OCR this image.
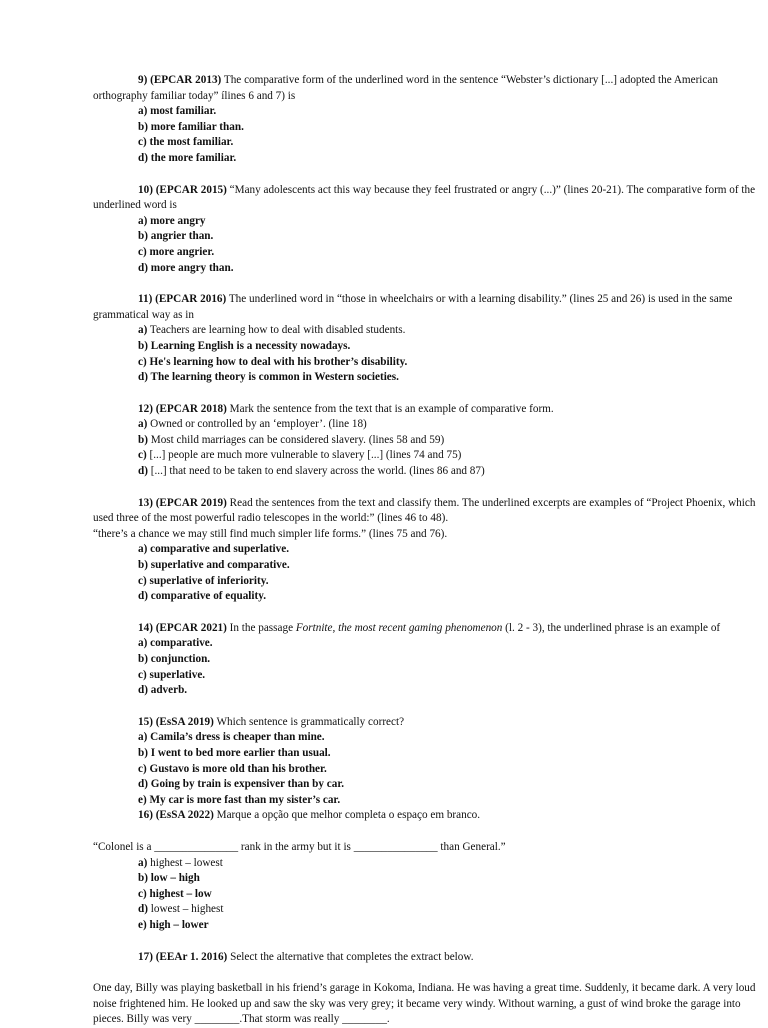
9) (EPCAR 2013) The comparative form of the underlined word in the sentence “Webster’s dictionary [...] adopted the American orthography familiar today” ílines 6 and 7) is

a) most familiar.
b) more familiar than.
c) the most familiar.
d) the more familiar.

10) (EPCAR 2015) “Many adolescents act this way because they feel frustrated or angry (...)” (lines 20-21). The comparative form of the underlined word is

a) more angry
b) angrier than.
c) more angrier.
d) more angry than.

11) (EPCAR 2016) The underlined word in “those in wheelchairs or with a learning disability.” (lines 25 and 26) is used in the same grammatical way as in

a) Teachers are learning how to deal with disabled students.
b) Learning English is a necessity nowadays.
c) He's learning how to deal with his brother’s disability.
d) The learning theory is common in Western societies.

12) (EPCAR 2018) Mark the sentence from the text that is an example of comparative form.

a) Owned or controlled by an ‘employer’. (line 18)
b) Most child marriages can be considered slavery. (lines 58 and 59)
c) [...] people are much more vulnerable to slavery [...] (lines 74 and 75)
d) [...] that need to be taken to end slavery across the world. (lines 86 and 87)

13) (EPCAR 2019) Read the sentences from the text and classify them. The underlined excerpts are examples of “Project Phoenix, which used three of the most powerful radio telescopes in the world:” (lines 46 to 48).

“there’s a chance we may still find much simpler life forms.” (lines 75 and 76).

a) comparative and superlative.
b) superlative and comparative.
c) superlative of inferiority.
d) comparative of equality.

14) (EPCAR 2021) In the passage Fortnite, the most recent gaming phenomenon (l. 2 - 3), the underlined phrase is an example of

a) comparative.
b) conjunction.
c) superlative.
d) adverb.

15) (EsSA 2019) Which sentence is grammatically correct?

a) Camila’s dress is cheaper than mine.
b) I went to bed more earlier than usual.
c) Gustavo is more old than his brother.
d) Going by train is expensiver than by car.
e) My car is more fast than my sister’s car.

16) (EsSA 2022) Marque a opção que melhor completa o espaço em branco.

“Colonel is a _______________ rank in the army but it is _______________ than General.”

a) highest – lowest
b) low – high
c) highest – low
d) lowest – highest
e) high – lower

17) (EEAr 1. 2016) Select the alternative that completes the extract below.

One day, Billy was playing basketball in his friend’s garage in Kokoma, Indiana. He was having a great time. Suddenly, it became dark. A very loud noise frightened him. He looked up and saw the sky was very grey; it became very windy. Without warning, a gust of wind broke the garage into pieces. Billy was very ________.That storm was really ________.
